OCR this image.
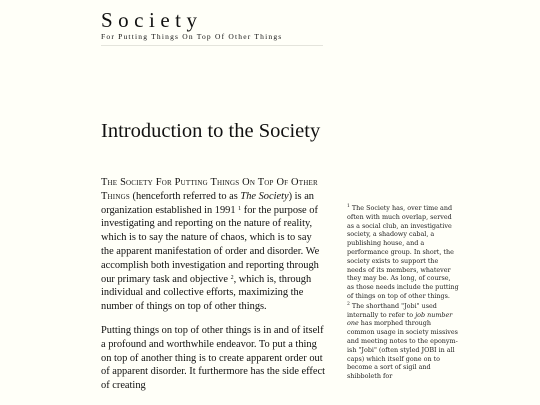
Society
For Putting Things On Top Of Other Things
Introduction to the Society

The Society For Putting Things On Top Of Other Things (henceforth referred to as The Society) is an organization established in 1991 $^1$ for the purpose of investigating and reporting on the nature of reality, which is to say the nature of chaos, which is to say the apparent manifestation of order and disorder. We accomplish both investigation and reporting through our primary task and objective $^2$, which is, through individual and collective efforts, maximizing the number of things on top of other things.

Putting things on top of other things is in and of itself a profound and worthwhile endeavor. To put a thing on top of another thing is to create apparent order out of apparent disorder. It furthermore has the side effect of creating

$^1$ The Society has, over time and often with much overlap, served as a social club, an investigative society, a shadowy cabal, a publishing house, and a performance group. In short, the society exists to support the needs of its members, whatever they may be. As long, of course, as those needs include the putting of things on top of other things.
$^2$ The shorthand "Jobi" used internally to refer to job number one has morphed through common usage in society missives and meeting notes to the eponym-ish "Jobi" (often styled JOBI in all caps) which itself gone on to become a sort of sigil and shibboleth for
